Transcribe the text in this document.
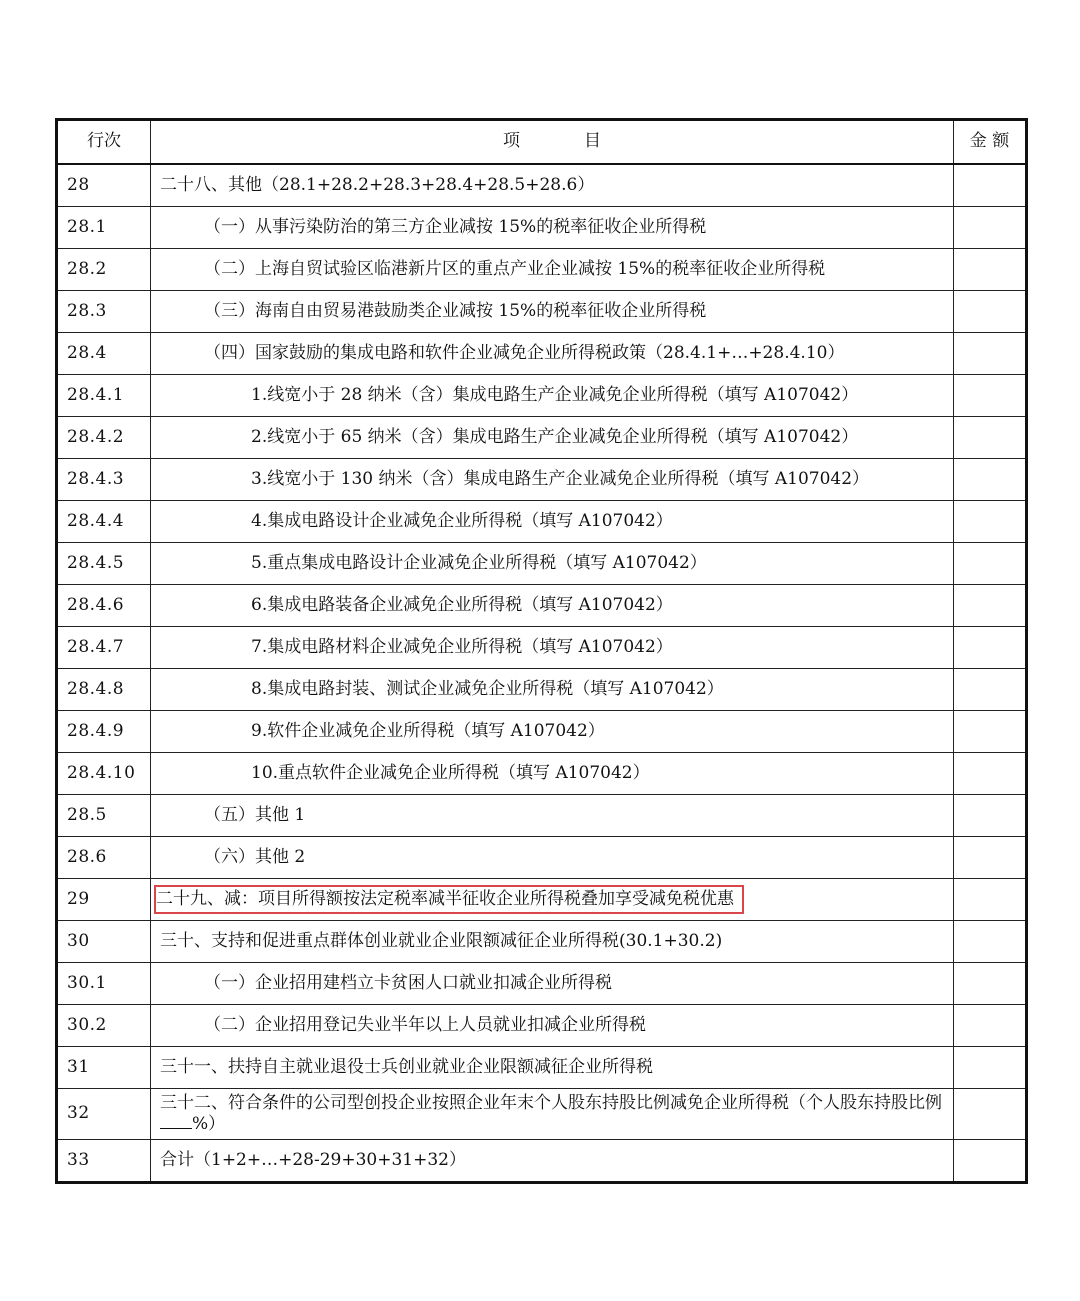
行次	项 目	金 额
28	二十八、其他（28.1+28.2+28.3+28.4+28.5+28.6）	
28.1	（一）从事污染防治的第三方企业减按 15%的税率征收企业所得税	
28.2	（二）上海自贸试验区临港新片区的重点产业企业减按 15%的税率征收企业所得税	
28.3	（三）海南自由贸易港鼓励类企业减按 15%的税率征收企业所得税	
28.4	（四）国家鼓励的集成电路和软件企业减免企业所得税政策（28.4.1+…+28.4.10）	
28.4.1	1.线宽小于 28 纳米（含）集成电路生产企业减免企业所得税（填写 A107042）	
28.4.2	2.线宽小于 65 纳米（含）集成电路生产企业减免企业所得税（填写 A107042）	
28.4.3	3.线宽小于 130 纳米（含）集成电路生产企业减免企业所得税（填写 A107042）	
28.4.4	4.集成电路设计企业减免企业所得税（填写 A107042）	
28.4.5	5.重点集成电路设计企业减免企业所得税（填写 A107042）	
28.4.6	6.集成电路装备企业减免企业所得税（填写 A107042）	
28.4.7	7.集成电路材料企业减免企业所得税（填写 A107042）	
28.4.8	8.集成电路封装、测试企业减免企业所得税（填写 A107042）	
28.4.9	9.软件企业减免企业所得税（填写 A107042）	
28.4.10	10.重点软件企业减免企业所得税（填写 A107042）	
28.5	（五）其他 1	
28.6	（六）其他 2	
29	二十九、减：项目所得额按法定税率减半征收企业所得税叠加享受减免税优惠	
30	三十、支持和促进重点群体创业就业企业限额减征企业所得税(30.1+30.2)	
30.1	（一）企业招用建档立卡贫困人口就业扣减企业所得税	
30.2	（二）企业招用登记失业半年以上人员就业扣减企业所得税	
31	三十一、扶持自主就业退役士兵创业就业企业限额减征企业所得税	
32	三十二、符合条件的公司型创投企业按照企业年末个人股东持股比例减免企业所得税（个人股东持股比例%）	
33	合计（1+2+…+28-29+30+31+32）	
